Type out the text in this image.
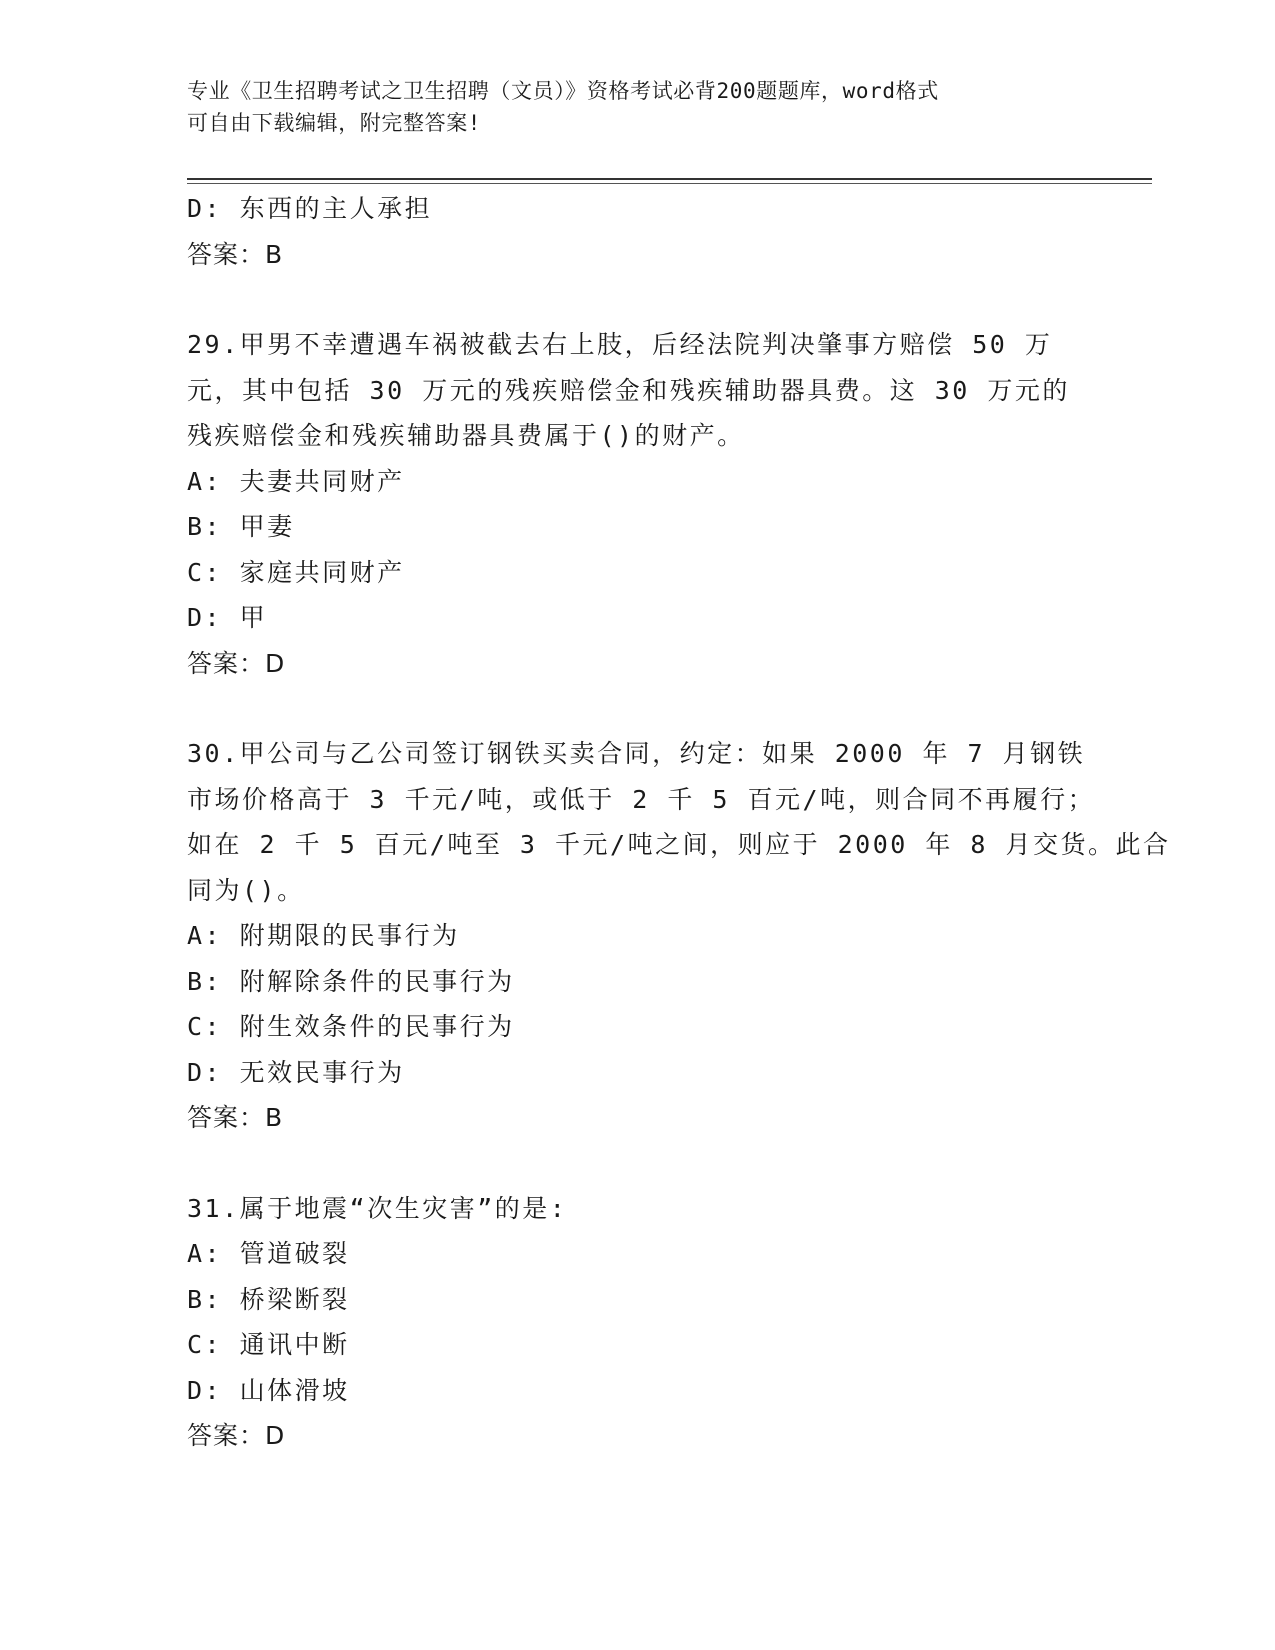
专业《卫生招聘考试之卫生招聘（文员）》资格考试必背200题题库，word格式
可自由下载编辑，附完整答案!
D: 东西的主人承担
答案：B
29.甲男不幸遭遇车祸被截去右上肢，后经法院判决肇事方赔偿 50 万
元，其中包括 30 万元的残疾赔偿金和残疾辅助器具费。这 30 万元的
残疾赔偿金和残疾辅助器具费属于()的财产。
A: 夫妻共同财产
B: 甲妻
C: 家庭共同财产
D: 甲
答案：D
30.甲公司与乙公司签订钢铁买卖合同，约定：如果 2000 年 7 月钢铁
市场价格高于 3 千元/吨，或低于 2 千 5 百元/吨，则合同不再履行；
如在 2 千 5 百元/吨至 3 千元/吨之间，则应于 2000 年 8 月交货。此合
同为()。
A: 附期限的民事行为
B: 附解除条件的民事行为
C: 附生效条件的民事行为
D: 无效民事行为
答案：B
31.属于地震“次生灾害”的是:
A: 管道破裂
B: 桥梁断裂
C: 通讯中断
D: 山体滑坡
答案：D
